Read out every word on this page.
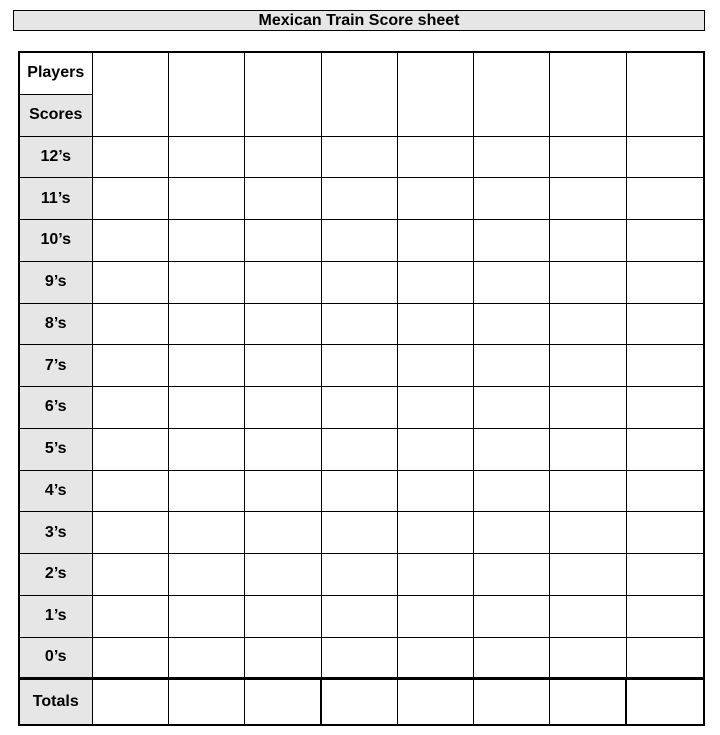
Mexican Train Score sheet
Players								
Scores								
12’s								
11’s								
10’s								
9’s								
8’s								
7’s								
6’s								
5’s								
4’s								
3’s								
2’s								
1’s								
0’s								
Totals								
